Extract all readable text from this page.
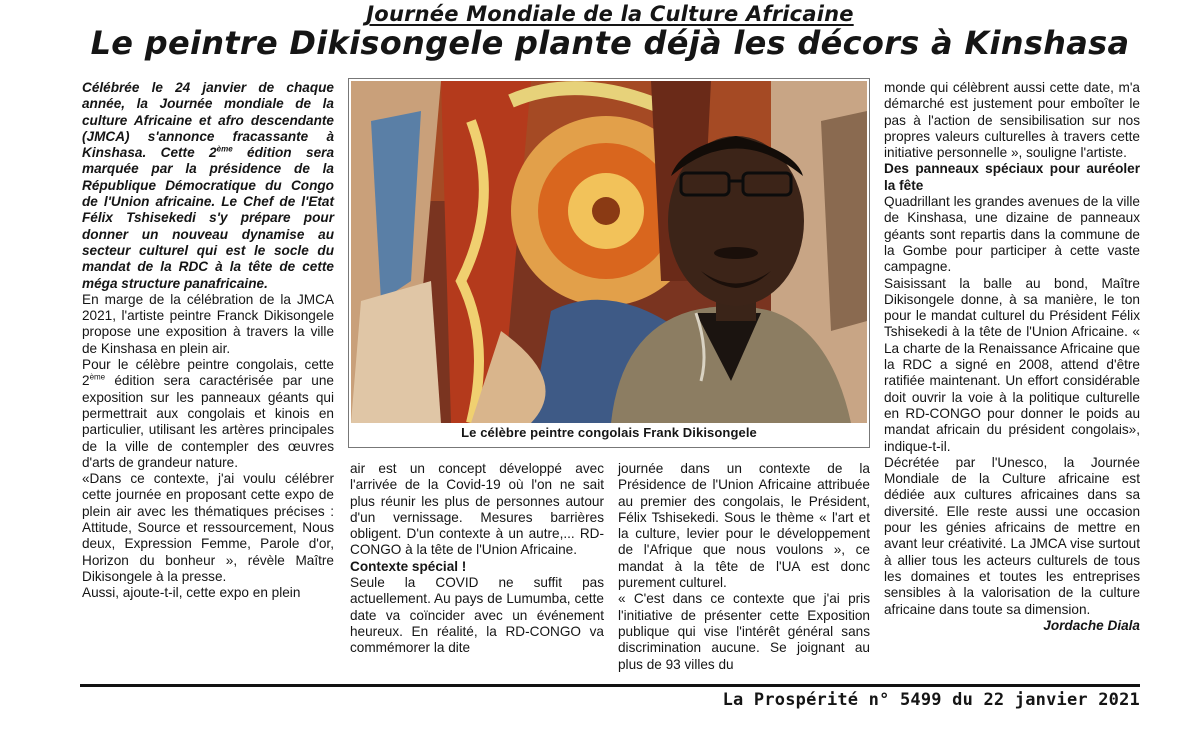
Journée Mondiale de la Culture Africaine
Le peintre Dikisongele plante déjà les décors à Kinshasa

Célébrée le 24 janvier de chaque année, la Journée mondiale de la culture Africaine et afro descendante (JMCA) s'annonce fracassante à Kinshasa. Cette 2ème édition sera marquée par la présidence de la République Démocratique du Congo de l'Union africaine. Le Chef de l'Etat Félix Tshisekedi s'y prépare pour donner un nouveau dynamise au secteur culturel qui est le socle du mandat de la RDC à la tête de cette méga structure panafricaine.

En marge de la célébration de la JMCA 2021, l'artiste peintre Franck Dikisongele propose une exposition à travers la ville de Kinshasa en plein air.

Pour le célèbre peintre congolais, cette 2ème édition sera caractérisée par une exposition sur les panneaux géants qui permettrait aux congolais et kinois en particulier, utilisant les artères principales de la ville de contempler des œuvres d'arts de grandeur nature.

«Dans ce contexte, j'ai voulu célébrer cette journée en proposant cette expo de plein air avec les thématiques précises : Attitude, Source et ressourcement, Nous deux, Expression Femme, Parole d'or, Horizon du bonheur », révèle Maître Dikisongele à la presse.

Aussi, ajoute-t-il, cette expo en plein

Le célèbre peintre congolais Frank Dikisongele

air est un concept développé avec l'arrivée de la Covid-19 où l'on ne sait plus réunir les plus de personnes autour d'un vernissage. Mesures barrières obligent. D'un contexte à un autre,... RD-CONGO à la tête de l'Union Africaine.

Contexte spécial !

Seule la COVID ne suffit pas actuellement. Au pays de Lumumba, cette date va coïncider avec un événement heureux. En réalité, la RD-CONGO va commémorer la dite

journée dans un contexte de la Présidence de l'Union Africaine attribuée au premier des congolais, le Président, Félix Tshisekedi. Sous le thème « l'art et la culture, levier pour le développement de l'Afrique que nous voulons », ce mandat à la tête de l'UA est donc purement culturel.

« C'est dans ce contexte que j'ai pris l'initiative de présenter cette Exposition publique qui vise l'intérêt général sans discrimination aucune. Se joignant au plus de 93 villes du

monde qui célèbrent aussi cette date, m'a démarché est justement pour emboîter le pas à l'action de sensibilisation sur nos propres valeurs culturelles à travers cette initiative personnelle », souligne l'artiste.

Des panneaux spéciaux pour auréoler la fête

Quadrillant les grandes avenues de la ville de Kinshasa, une dizaine de panneaux géants sont repartis dans la commune de la Gombe pour participer à cette vaste campagne.

Saisissant la balle au bond, Maître Dikisongele donne, à sa manière, le ton pour le mandat culturel du Président Félix Tshisekedi à la tête de l'Union Africaine. « La charte de la Renaissance Africaine que la RDC a signé en 2008, attend d'être ratifiée maintenant. Un effort considérable doit ouvrir la voie à la politique culturelle en RD-CONGO pour donner le poids au mandat africain du président congolais», indique-t-il.

Décrétée par l'Unesco, la Journée Mondiale de la Culture africaine est dédiée aux cultures africaines dans sa diversité. Elle reste aussi une occasion pour les génies africains de mettre en avant leur créativité. La JMCA vise surtout à allier tous les acteurs culturels de tous les domaines et toutes les entreprises sensibles à la valorisation de la culture africaine dans toute sa dimension.

Jordache Diala

La Prospérité n° 5499 du 22 janvier 2021
